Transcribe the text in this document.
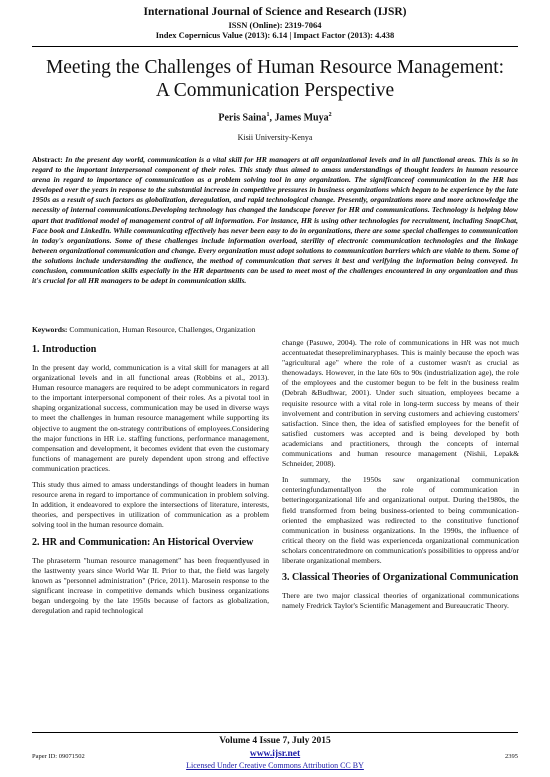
International Journal of Science and Research (IJSR)
ISSN (Online): 2319-7064
Index Copernicus Value (2013): 6.14 | Impact Factor (2013): 4.438
Meeting the Challenges of Human Resource Management: A Communication Perspective
Peris Saina$^1$, James Muya$^2$
Kisii University-Kenya
Abstract: In the present day world, communication is a vital skill for HR managers at all organizational levels and in all functional areas. This is so in regard to the important interpersonal component of their roles. This study thus aimed to amass understandings of thought leaders in human resource arena in regard to importance of communication as a problem solving tool in any organization. The significanceof communication in the HR has developed over the years in response to the substantial increase in competitive pressures in business organizations which began to be experience by the late 1950s as a result of such factors as globalization, deregulation, and rapid technological change. Presently, organizations more and more acknowledge the necessity of internal communications.Developing technology has changed the landscape forever for HR and communications. Technology is helping blow apart that traditional model of management control of all information. For instance, HR is using other technologies for recruitment, including SnapChat, Face book and LinkedIn. While communicating effectively has never been easy to do in organizations, there are some special challenges to communication in today's organizations. Some of these challenges include information overload, sterility of electronic communication technologies and the linkage between organizational communication and change. Every organization must adopt solutions to communication barriers which are viable to them. Some of the solutions include understanding the audience, the method of communication that serves it best and verifying the information being conveyed. In conclusion, communication skills especially in the HR departments can be used to meet most of the challenges encountered in any organization and thus it's crucial for all HR managers to be adept in communication skills.
Keywords: Communication, Human Resource, Challenges, Organization
1. Introduction

In the present day world, communication is a vital skill for managers at all organizational levels and in all functional areas (Robbins et al., 2013). Human resource managers are required to be adept communicators in regard to the important interpersonal component of their roles. As a pivotal tool in shaping organizational success, communication may be used in diverse ways to meet the challenges in human resource management while supporting its objective to augment the on-strategy contributions of employees.Considering the major functions in HR i.e. staffing functions, performance management, compensation and development, it becomes evident that even the customary functions of management are purely dependent upon strong and effective communication practices.

This study thus aimed to amass understandings of thought leaders in human resource arena in regard to importance of communication in problem solving. In addition, it endeavored to explore the intersections of literature, interests, theories, and perspectives in utilization of communication as a problem solving tool in the human resource domain.

2. HR and Communication: An Historical Overview

The phraseterm "human resource management" has been frequentlyused in the lasttwenty years since World War II. Prior to that, the field was largely known as "personnel administration" (Price, 2011). Marosein response to the significant increase in competitive demands which business organizations began undergoing by the late 1950s because of factors as globalization, deregulation and rapid technological

change (Pasuwe, 2004). The role of communications in HR was not much accentuatedat thesepreliminaryphases. This is mainly because the epoch was "agricultural age" where the role of a customer wasn't as crucial as thenowadays. However, in the late 60s to 90s (industrialization age), the role of the employees and the customer begun to be felt in the business realm (Debrah &Budhwar, 2001). Under such situation, employees became a requisite resource with a vital role in long-term success by means of their involvement and contribution in serving customers and achieving customers' satisfaction. Since then, the idea of satisfied employees for the benefit of satisfied customers was accepted and is being developed by both academicians and practitioners, through the concepts of internal communications and human resource management (Nishii, Lepak& Schneider, 2008).

In summary, the 1950s saw organizational communication centeringfundamentallyon the role of communication in betteringorganizational life and organizational output. During the1980s, the field transformed from being business-oriented to being communication-oriented the emphasized was redirected to the constitutive functionof communication in business organizations. In the 1990s, the influence of critical theory on the field was experienceda organizational communication scholars concentratedmore on communication's possibilities to oppress and/or liberate organizational members.

3. Classical Theories of Organizational Communication

There are two major classical theories of organizational communications namely Fredrick Taylor's Scientific Management and Bureaucratic Theory.

Volume 4 Issue 7, July 2015
www.ijsr.net
Licensed Under Creative Commons Attribution CC BY
Paper ID: 09071502	2395
